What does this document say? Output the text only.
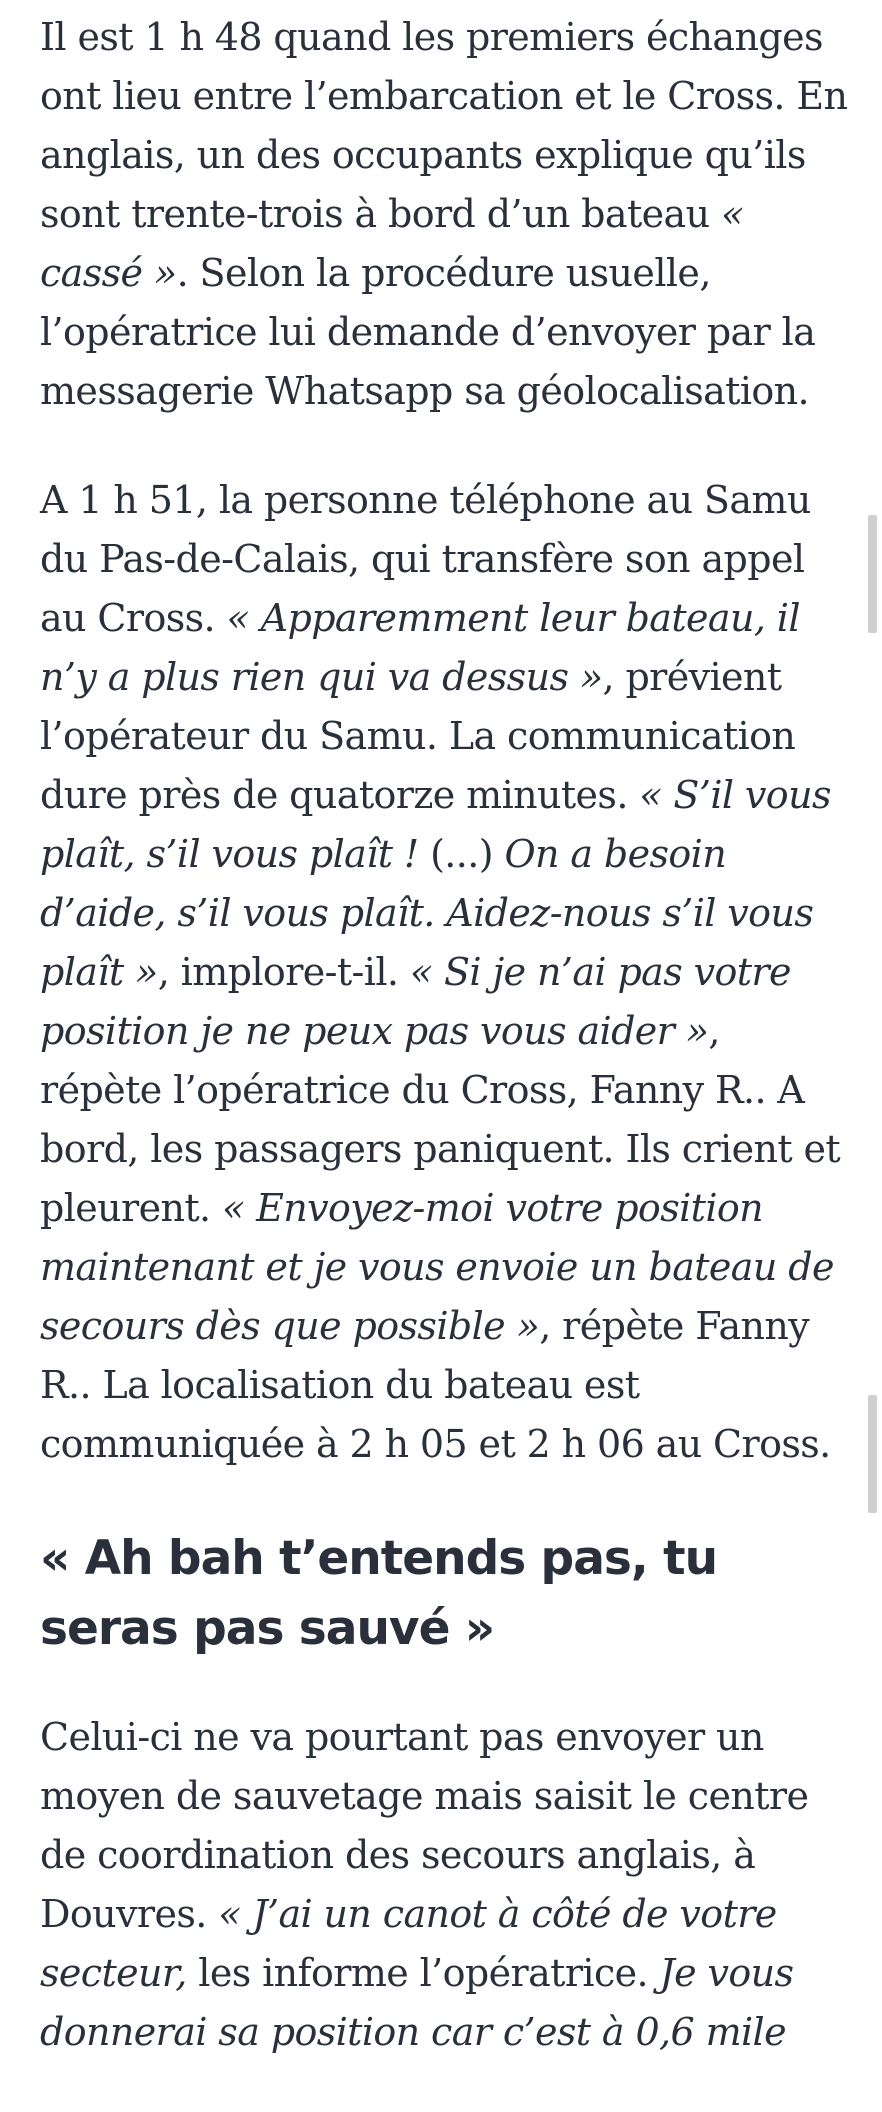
Il est 1 h 48 quand les premiers échanges ont lieu entre l’embarcation et le Cross. En anglais, un des occupants explique qu’ils sont trente-trois à bord d’un bateau « cassé ». Selon la procédure usuelle, l’opératrice lui demande d’envoyer par la messagerie Whatsapp sa géolocalisation.

A 1 h 51, la personne téléphone au Samu du Pas-de-Calais, qui transfère son appel au Cross. « Apparemment leur bateau, il n’y a plus rien qui va dessus », prévient l’opérateur du Samu. La communication dure près de quatorze minutes. « S’il vous plaît, s’il vous plaît ! (...) On a besoin d’aide, s’il vous plaît. Aidez-nous s’il vous plaît », implore-t-il. « Si je n’ai pas votre position je ne peux pas vous aider », répète l’opératrice du Cross, Fanny R.. A bord, les passagers paniquent. Ils crient et pleurent. « Envoyez-moi votre position maintenant et je vous envoie un bateau de secours dès que possible », répète Fanny R.. La localisation du bateau est communiquée à 2 h 05 et 2 h 06 au Cross.

« Ah bah t’entends pas, tu seras pas sauvé »

Celui-ci ne va pourtant pas envoyer un moyen de sauvetage mais saisit le centre de coordination des secours anglais, à Douvres. « J’ai un canot à côté de votre secteur, les informe l’opératrice. Je vous donnerai sa position car c’est à 0,6 mile
